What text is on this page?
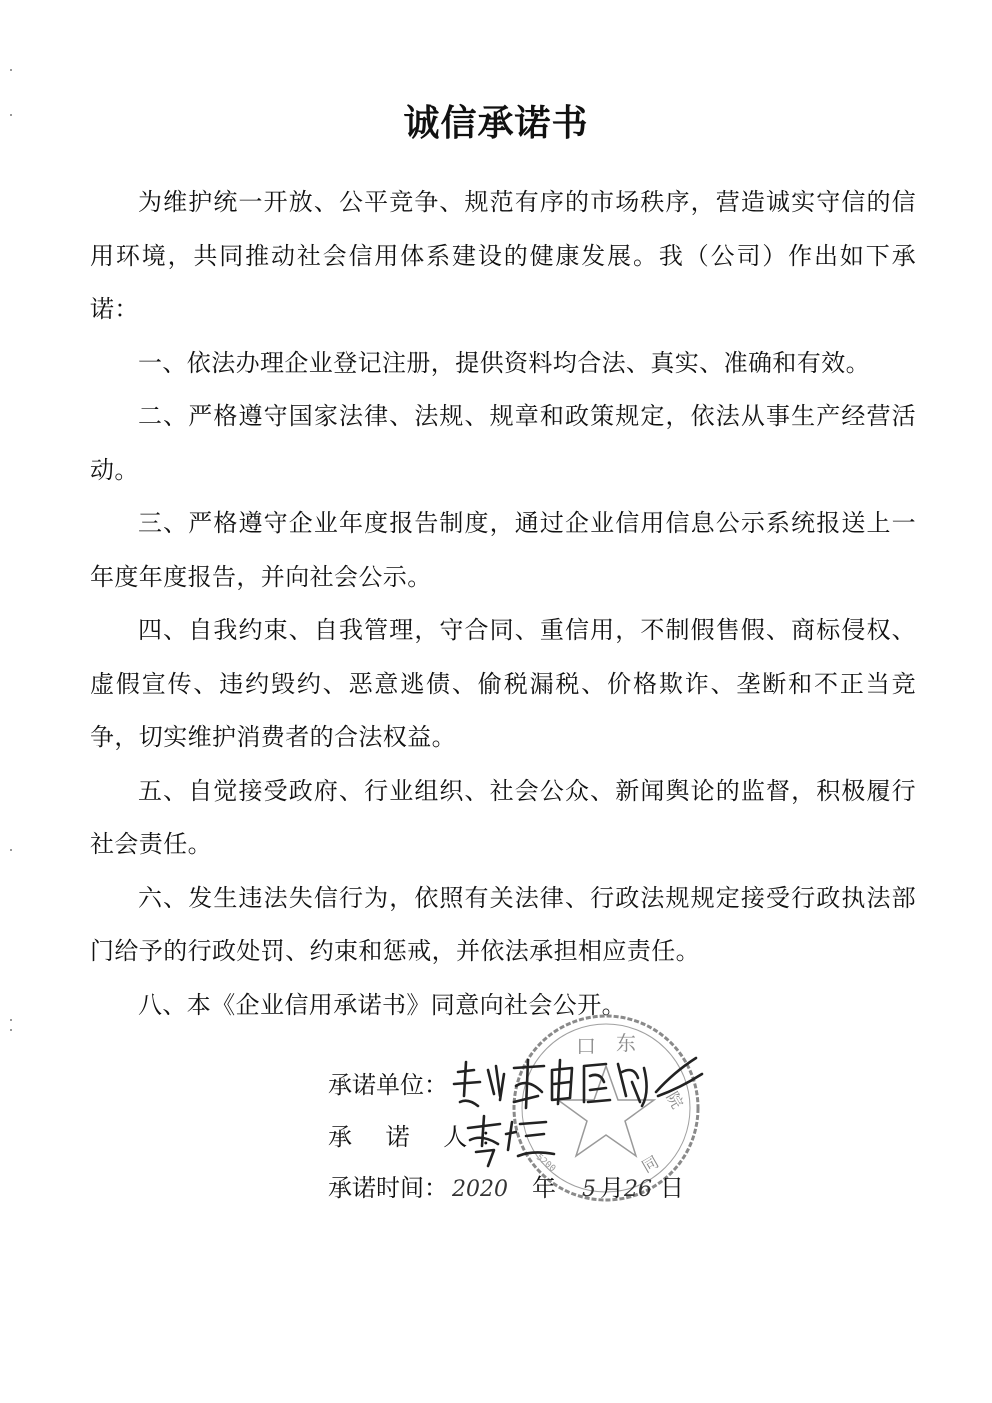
诚信承诺书

为维护统一开放、公平竞争、规范有序的市场秩序，营造诚实守信的信用环境，共同推动社会信用体系建设的健康发展。我（公司）作出如下承诺：

一、依法办理企业登记注册，提供资料均合法、真实、准确和有效。

二、严格遵守国家法律、法规、规章和政策规定，依法从事生产经营活动。

三、严格遵守企业年度报告制度，通过企业信用信息公示系统报送上一年度年度报告，并向社会公示。

四、自我约束、自我管理，守合同、重信用，不制假售假、商标侵权、虚假宣传、违约毁约、恶意逃债、偷税漏税、价格欺诈、垄断和不正当竞争，切实维护消费者的合法权益。

五、自觉接受政府、行业组织、社会公众、新闻舆论的监督，积极履行社会责任。

六、发生违法失信行为，依照有关法律、行政法规规定接受行政执法部门给予的行政处罚、约束和惩戒，并依法承担相应责任。

八、本《企业信用承诺书》同意向社会公开。

口 东
院
同
5200
承诺单位：
承 诺 人：
承诺时间： 2020 年 5 月26 日
